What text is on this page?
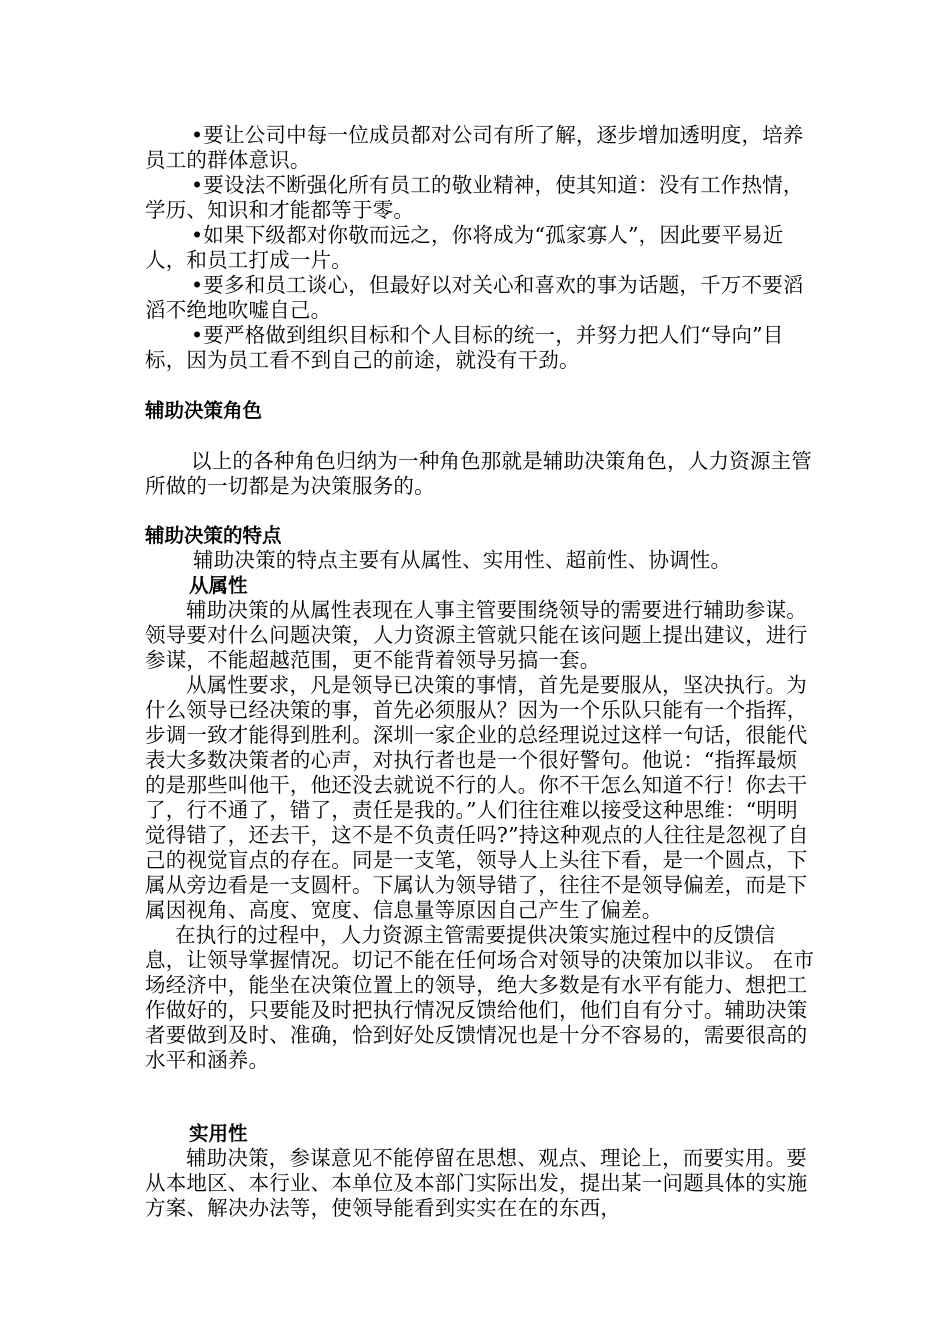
•要让公司中每一位成员都对公司有所了解，逐步增加透明度，培养员工的群体意识。

•要设法不断强化所有员工的敬业精神，使其知道：没有工作热情，学历、知识和才能都等于零。

•如果下级都对你敬而远之，你将成为“孤家寡人”，因此要平易近人，和员工打成一片。

•要多和员工谈心，但最好以对关心和喜欢的事为话题，千万不要滔滔不绝地吹嘘自己。

•要严格做到组织目标和个人目标的统一，并努力把人们“导向”目标，因为员工看不到自己的前途，就没有干劲。

辅助决策角色

以上的各种角色归纳为一种角色那就是辅助决策角色，人力资源主管所做的一切都是为决策服务的。

辅助决策的特点

辅助决策的特点主要有从属性、实用性、超前性、协调性。

从属性

辅助决策的从属性表现在人事主管要围绕领导的需要进行辅助参谋。领导要对什么问题决策，人力资源主管就只能在该问题上提出建议，进行参谋，不能超越范围，更不能背着领导另搞一套。

从属性要求，凡是领导已决策的事情，首先是要服从，坚决执行。为什么领导已经决策的事，首先必须服从？因为一个乐队只能有一个指挥，步调一致才能得到胜利。深圳一家企业的总经理说过这样一句话，很能代表大多数决策者的心声，对执行者也是一个很好警句。他说：“指挥最烦的是那些叫他干，他还没去就说不行的人。你不干怎么知道不行！你去干了，行不通了，错了，责任是我的。”人们往往难以接受这种思维：“明明觉得错了，还去干，这不是不负责任吗?”持这种观点的人往往是忽视了自己的视觉盲点的存在。同是一支笔，领导人上头往下看，是一个圆点，下属从旁边看是一支圆杆。下属认为领导错了，往往不是领导偏差，而是下属因视角、高度、宽度、信息量等原因自己产生了偏差。

在执行的过程中，人力资源主管需要提供决策实施过程中的反馈信息，让领导掌握情况。切记不能在任何场合对领导的决策加以非议。 在市场经济中，能坐在决策位置上的领导，绝大多数是有水平有能力、想把工作做好的，只要能及时把执行情况反馈给他们，他们自有分寸。辅助决策者要做到及时、准确，恰到好处反馈情况也是十分不容易的，需要很高的水平和涵养。

实用性

辅助决策，参谋意见不能停留在思想、观点、理论上，而要实用。要从本地区、本行业、本单位及本部门实际出发，提出某一问题具体的实施方案、解决办法等，使领导能看到实实在在的东西，
